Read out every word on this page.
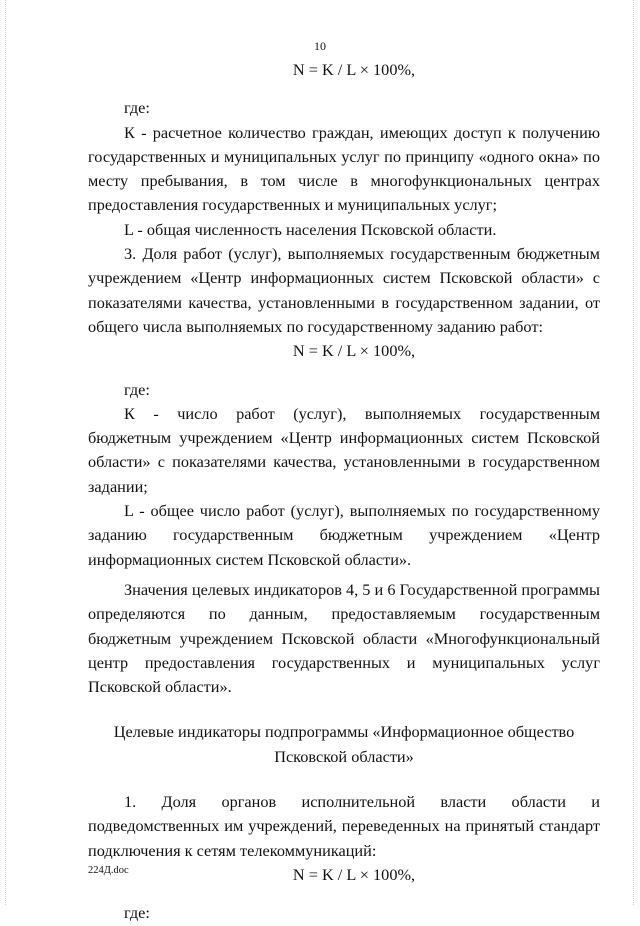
10

N = K / L × 100%,

где:

К - расчетное количество граждан, имеющих доступ к получению государственных и муниципальных услуг по принципу «одного окна» по месту пребывания, в том числе в многофункциональных центрах предоставления государственных и муниципальных услуг;

L - общая численность населения Псковской области.

3. Доля работ (услуг), выполняемых государственным бюджетным учреждением «Центр информационных систем Псковской области» с показателями качества, установленными в государственном задании, от общего числа выполняемых по государственному заданию работ:

N = K / L × 100%,

где:

К - число работ (услуг), выполняемых государственным бюджетным учреждением «Центр информационных систем Псковской области» с показателями качества, установленными в государственном задании;

L - общее число работ (услуг), выполняемых по государственному заданию государственным бюджетным учреждением «Центр информационных систем Псковской области».

Значения целевых индикаторов 4, 5 и 6 Государственной программы определяются по данным, предоставляемым государственным бюджетным учреждением Псковской области «Многофункциональный центр предоставления государственных и муниципальных услуг Псковской области».

Целевые индикаторы подпрограммы «Информационное общество

Псковской области»

1. Доля органов исполнительной власти области и подведомственных им учреждений, переведенных на принятый стандарт подключения к сетям телекоммуникаций:

N = K / L × 100%,

где:

224Д.doc
